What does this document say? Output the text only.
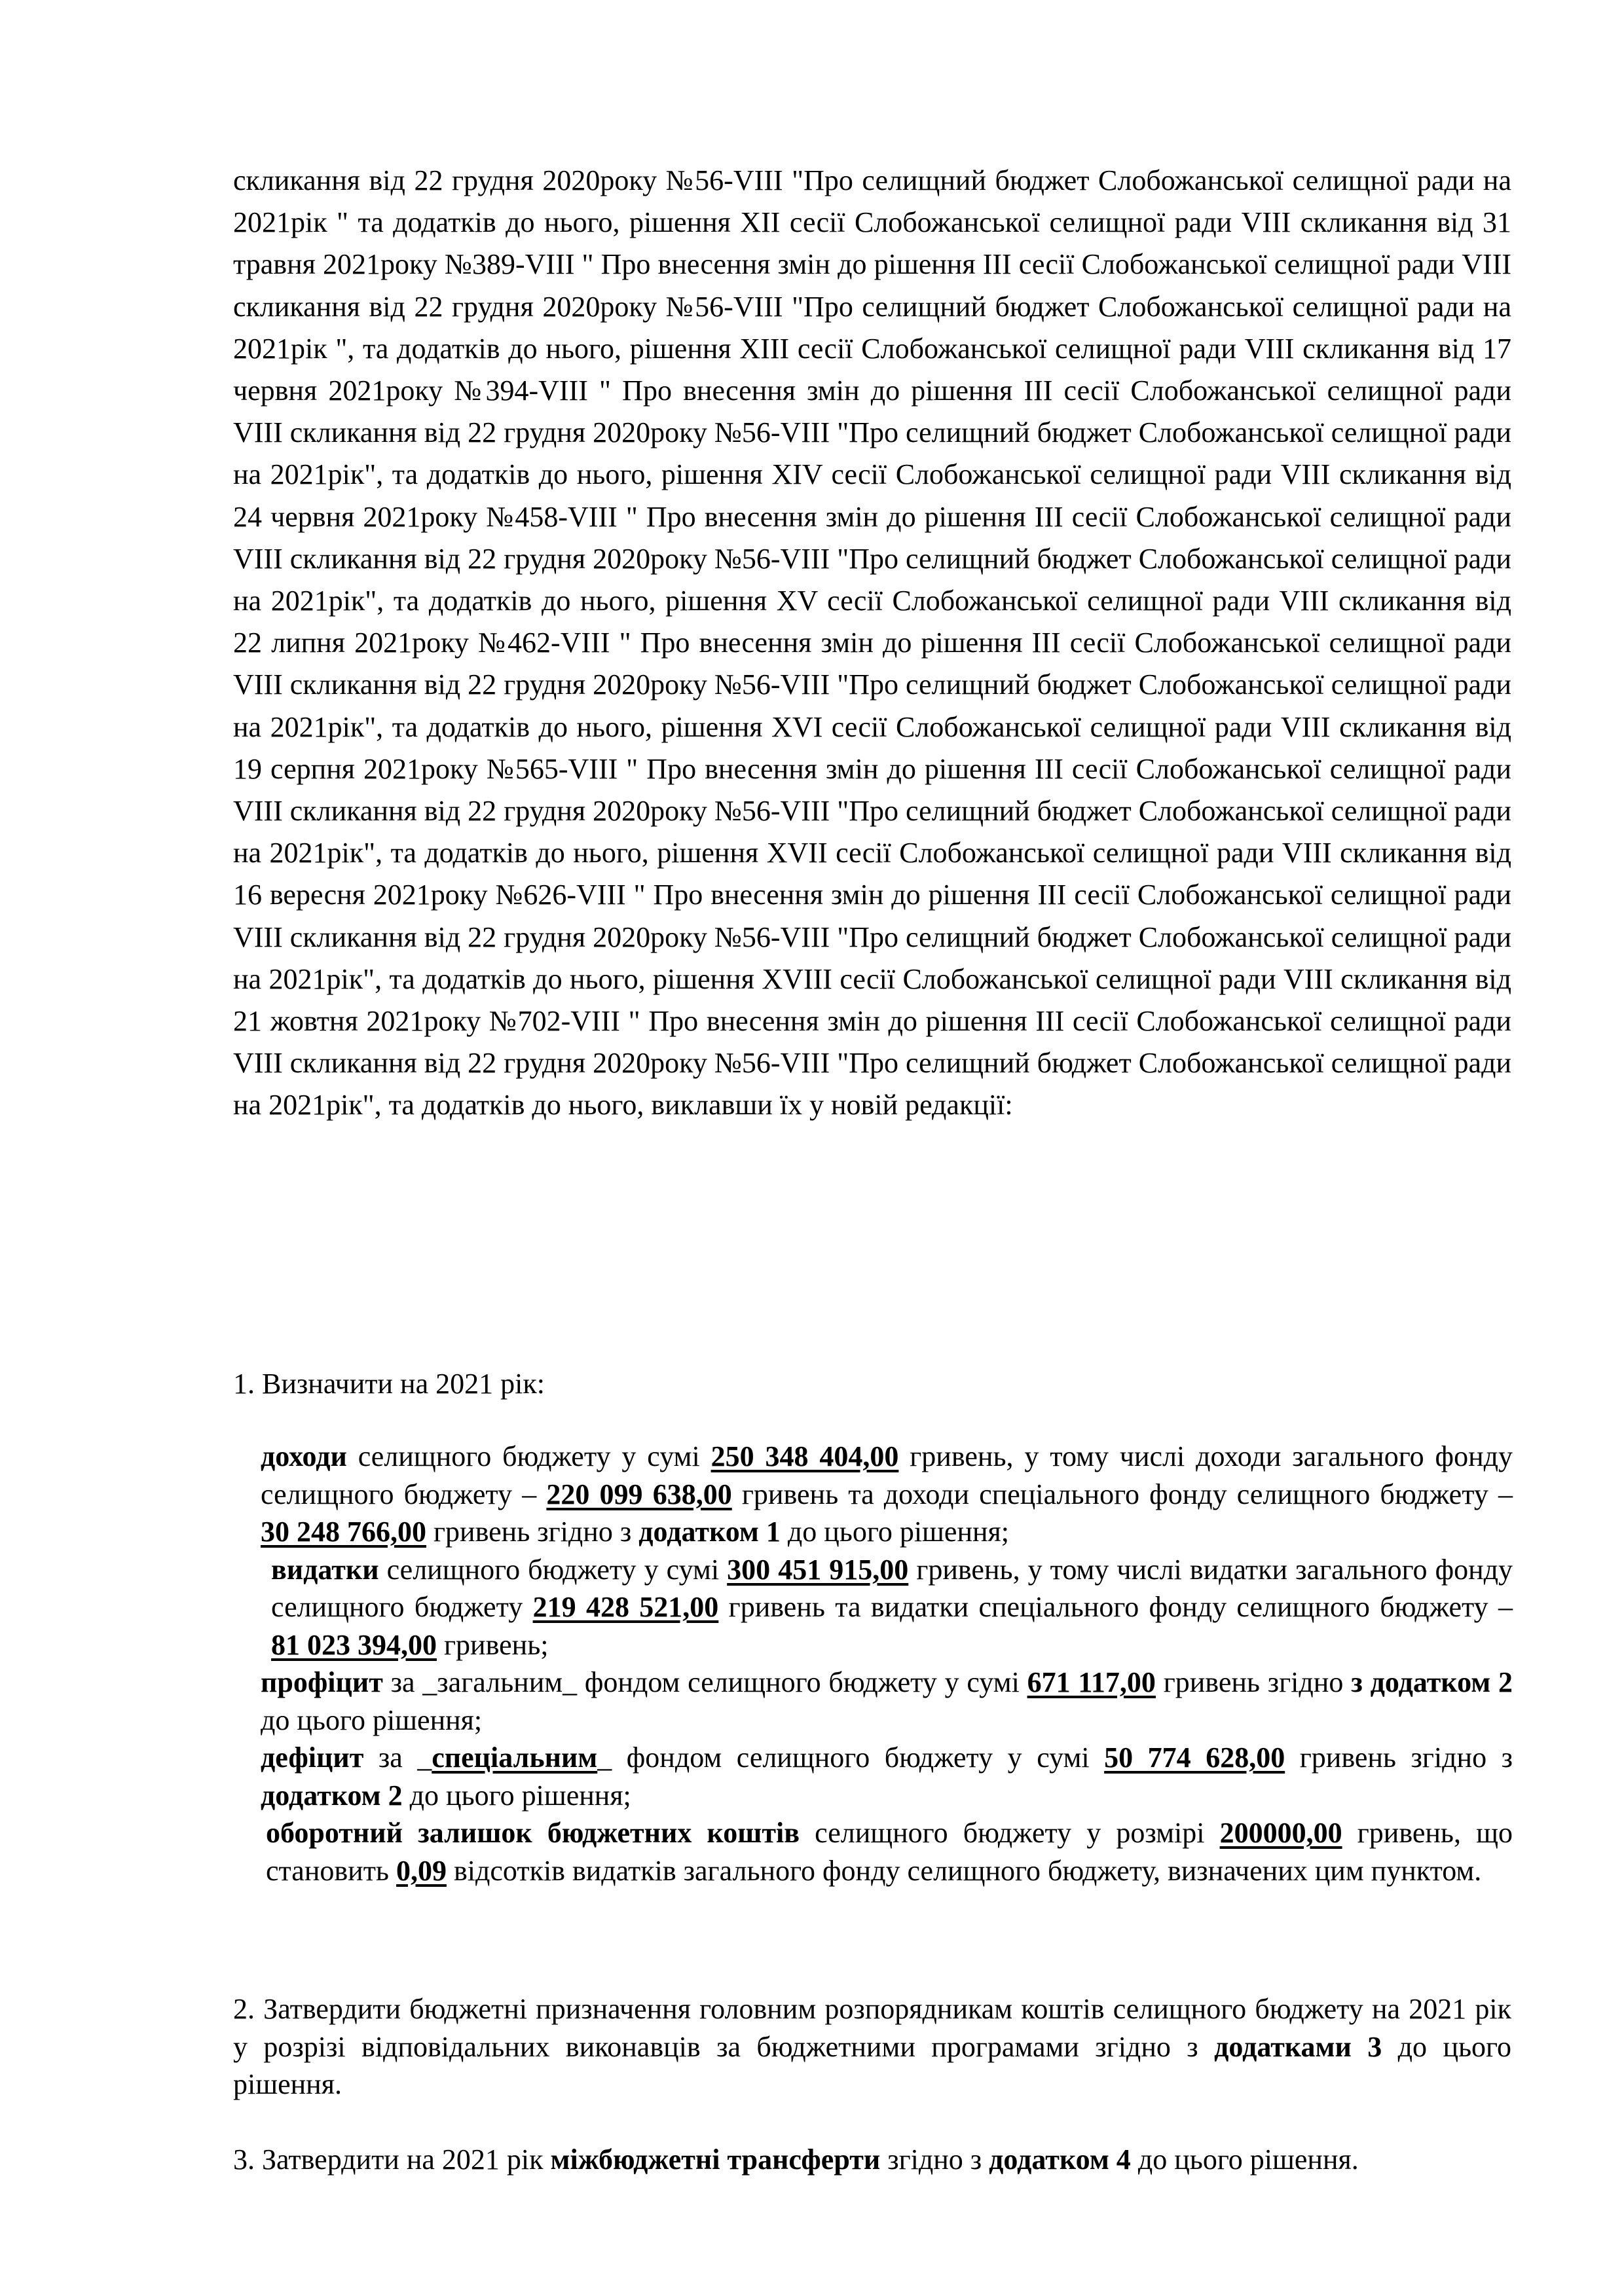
скликання від 22 грудня 2020року №56-VIII "Про селищний бюджет Слобожанської селищної ради на 2021рік " та додатків до нього, рішення XII сесії Слобожанської селищної ради VIII скликання від 31 травня 2021року №389-VIII " Про внесення змін до рішення III сесії Слобожанської селищної ради VIII скликання від 22 грудня 2020року №56-VIII "Про селищний бюджет Слобожанської селищної ради на 2021рік ", та додатків до нього, рішення XIII сесії Слобожанської селищної ради VIII скликання від 17 червня 2021року №394-VIII " Про внесення змін до рішення III сесії Слобожанської селищної ради VIII скликання від 22 грудня 2020року №56-VIII "Про селищний бюджет Слобожанської селищної ради на 2021рік", та додатків до нього, рішення XIV сесії Слобожанської селищної ради VIII скликання від 24 червня 2021року №458-VIII " Про внесення змін до рішення III сесії Слобожанської селищної ради VIII скликання від 22 грудня 2020року №56-VIII "Про селищний бюджет Слобожанської селищної ради на 2021рік", та додатків до нього, рішення XV сесії Слобожанської селищної ради VIII скликання від 22 липня 2021року №462-VIII " Про внесення змін до рішення III сесії Слобожанської селищної ради VIII скликання від 22 грудня 2020року №56-VIII "Про селищний бюджет Слобожанської селищної ради на 2021рік", та додатків до нього, рішення XVI сесії Слобожанської селищної ради VIII скликання від 19 серпня 2021року №565-VIII " Про внесення змін до рішення III сесії Слобожанської селищної ради VIII скликання від 22 грудня 2020року №56-VIII "Про селищний бюджет Слобожанської селищної ради на 2021рік", та додатків до нього, рішення XVII сесії Слобожанської селищної ради VIII скликання від 16 вересня 2021року №626-VIII " Про внесення змін до рішення III сесії Слобожанської селищної ради VIII скликання від 22 грудня 2020року №56-VIII "Про селищний бюджет Слобожанської селищної ради на 2021рік", та додатків до нього, рішення XVIII сесії Слобожанської селищної ради VIII скликання від 21 жовтня 2021року №702-VIII " Про внесення змін до рішення III сесії Слобожанської селищної ради VIII скликання від 22 грудня 2020року №56-VIII "Про селищний бюджет Слобожанської селищної ради на 2021рік", та додатків до нього, виклавши їх у новій редакції:

1. Визначити на 2021 рік:

доходи селищного бюджету у сумі 250 348 404,00 гривень, у тому числі доходи загального фонду селищного бюджету – 220 099 638,00 гривень та доходи спеціального фонду селищного бюджету – 30 248 766,00 гривень згідно з додатком 1 до цього рішення;

видатки селищного бюджету у сумі 300 451 915,00 гривень, у тому числі видатки загального фонду селищного бюджету 219 428 521,00 гривень та видатки спеціального фонду селищного бюджету – 81 023 394,00 гривень;

профіцит за _загальним_ фондом селищного бюджету у сумі 671 117,00 гривень згідно з додатком 2 до цього рішення;

дефіцит за _спеціальним_ фондом селищного бюджету у сумі 50 774 628,00 гривень згідно з додатком 2 до цього рішення;

оборотний залишок бюджетних коштів селищного бюджету у розмірі 200000,00 гривень, що становить 0,09 відсотків видатків загального фонду селищного бюджету, визначених цим пунктом.

2. Затвердити бюджетні призначення головним розпорядникам коштів селищного бюджету на 2021 рік у розрізі відповідальних виконавців за бюджетними програмами згідно з додатками 3 до цього рішення.

3. Затвердити на 2021 рік міжбюджетні трансферти згідно з додатком 4 до цього рішення.
